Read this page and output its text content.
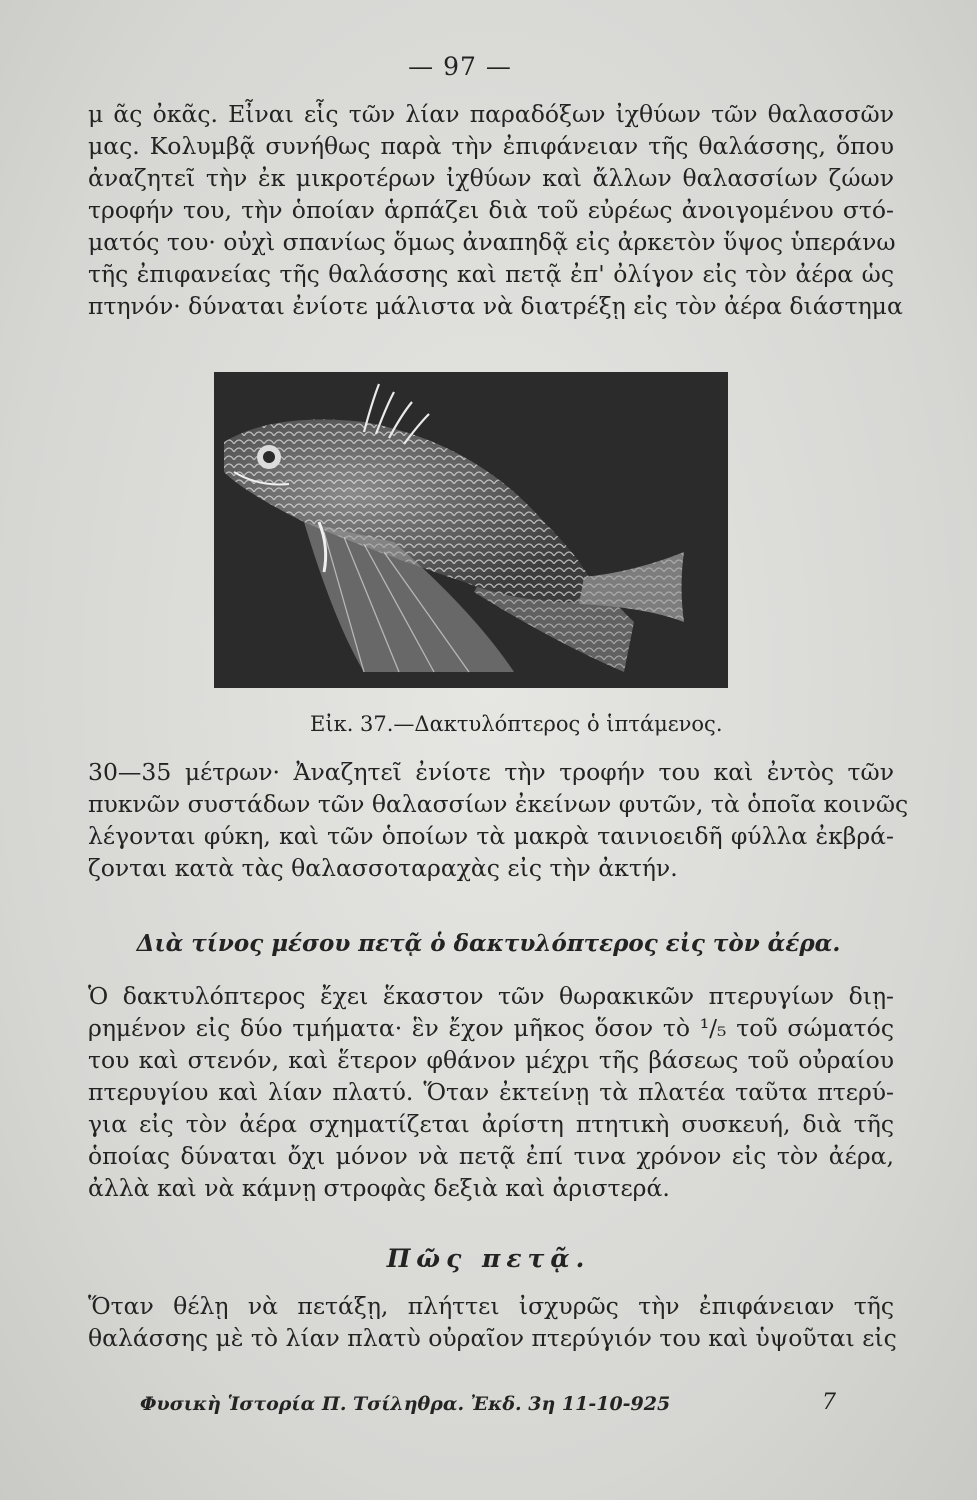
— 97 —
μ ᾶς ὀκᾶς. Εἶναι εἷς τῶν λίαν παραδόξων ἰχθύων τῶν θαλασσῶν
μας. Κολυμβᾷ συνήθως παρὰ τὴν ἐπιφάνειαν τῆς θαλάσσης, ὅπου
ἀναζητεῖ τὴν ἐκ μικροτέρων ἰχθύων καὶ ἄλλων θαλασσίων ζώων
τροφήν του, τὴν ὁποίαν ἁρπάζει διὰ τοῦ εὐρέως ἀνοιγομένου στό-
ματός του· οὐχὶ σπανίως ὅμως ἀναπηδᾷ εἰς ἀρκετὸν ὕψος ὑπεράνω
τῆς ἐπιφανείας τῆς θαλάσσης καὶ πετᾷ ἐπ' ὀλίγον εἰς τὸν ἀέρα ὡς
πτηνόν· δύναται ἐνίοτε μάλιστα νὰ διατρέξῃ εἰς τὸν ἀέρα διάστημα
Εἰκ. 37.—Δακτυλόπτερος ὁ ἱπτάμενος.
30—35 μέτρων· Ἀναζητεῖ ἐνίοτε τὴν τροφήν του καὶ ἐντὸς τῶν
πυκνῶν συστάδων τῶν θαλασσίων ἐκείνων φυτῶν, τὰ ὁποῖα κοινῶς
λέγονται φύκη, καὶ τῶν ὁποίων τὰ μακρὰ ταινιοειδῆ φύλλα ἐκβρά-
ζονται κατὰ τὰς θαλασσοταραχὰς εἰς τὴν ἀκτήν.
Διὰ τίνος μέσου πετᾷ ὁ δακτυλόπτερος εἰς τὸν ἀέρα.
Ὁ δακτυλόπτερος ἔχει ἕκαστον τῶν θωρακικῶν πτερυγίων διῃ-
ρημένον εἰς δύο τμήματα· ἓν ἔχον μῆκος ὅσον τὸ ¹/₅ τοῦ σώματός
του καὶ στενόν, καὶ ἕτερον φθάνον μέχρι τῆς βάσεως τοῦ οὐραίου
πτερυγίου καὶ λίαν πλατύ. Ὅταν ἐκτείνῃ τὰ πλατέα ταῦτα πτερύ-
για εἰς τὸν ἀέρα σχηματίζεται ἀρίστη πτητικὴ συσκευή, διὰ τῆς
ὁποίας δύναται ὄχι μόνον νὰ πετᾷ ἐπί τινα χρόνον εἰς τὸν ἀέρα,
ἀλλὰ καὶ νὰ κάμνῃ στροφὰς δεξιὰ καὶ ἀριστερά.
Πῶς πετᾷ.
Ὅταν θέλῃ νὰ πετάξῃ, πλήττει ἰσχυρῶς τὴν ἐπιφάνειαν τῆς
θαλάσσης μὲ τὸ λίαν πλατὺ οὐραῖον πτερύγιόν του καὶ ὑψοῦται εἰς
Φυσικὴ Ἱστορία Π. Τσίληθρα. Ἐκδ. 3η 11-10-925	7
